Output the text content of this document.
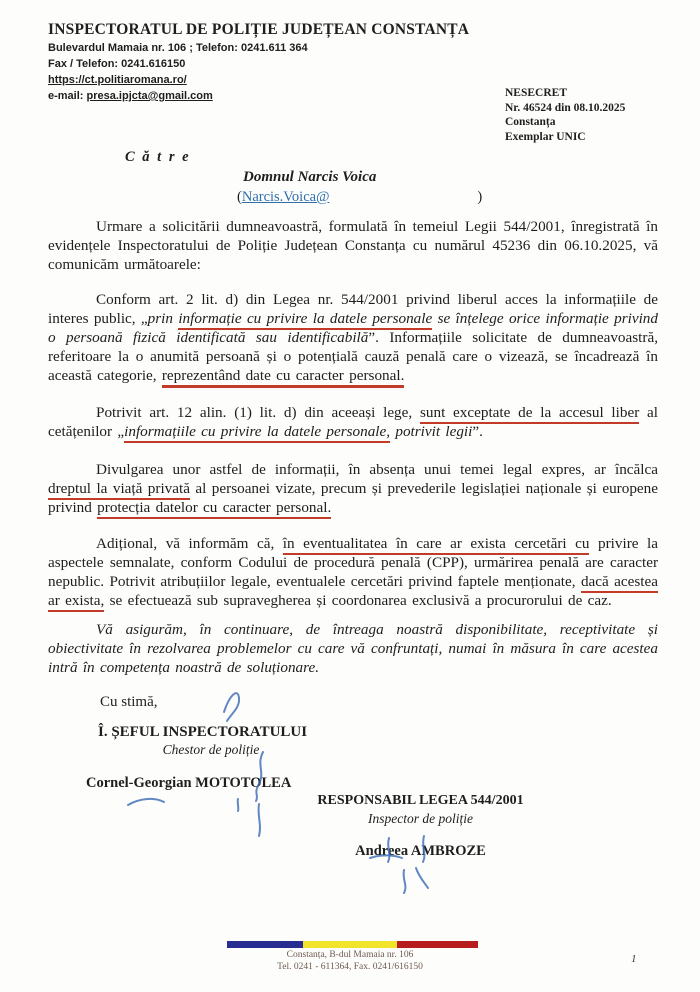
INSPECTORATUL DE POLIȚIE JUDEȚEAN CONSTANȚA
Bulevardul Mamaia nr. 106 ; Telefon: 0241.611 364
Fax / Telefon: 0241.616150
https://ct.politiaromana.ro/
e-mail: presa.ipjcta@gmail.com	NESECRET
Nr. 46524 din 08.10.2025
Constanța
Exemplar UNIC
C ă t r e
Domnul Narcis Voica
(Narcis.Voica@	)

Urmare a solicitării dumneavoastră, formulată în temeiul Legii 544/2001, înregistrată în evidențele Inspectoratului de Poliție Județean Constanța cu numărul 45236 din 06.10.2025, vă comunicăm următoarele:

Conform art. 2 lit. d) din Legea nr. 544/2001 privind liberul acces la informațiile de interes public, „prin informație cu privire la datele personale se înțelege orice informație privind o persoană fizică identificată sau identificabilă”. Informațiile solicitate de dumneavoastră, referitoare la o anumită persoană și o potențială cauză penală care o vizează, se încadrează în această categorie, reprezentând date cu caracter personal.

Potrivit art. 12 alin. (1) lit. d) din aceeași lege, sunt exceptate de la accesul liber al cetățenilor „informațiile cu privire la datele personale, potrivit legii”.

Divulgarea unor astfel de informații, în absența unui temei legal expres, ar încălca dreptul la viață privată al persoanei vizate, precum și prevederile legislației naționale și europene privind protecția datelor cu caracter personal.

Adițional, vă informăm că, în eventualitatea în care ar exista cercetări cu privire la aspectele semnalate, conform Codului de procedură penală (CPP), urmărirea penală are caracter nepublic. Potrivit atribuțiilor legale, eventualele cercetări privind faptele menționate, dacă acestea ar exista, se efectuează sub supravegherea și coordonarea exclusivă a procurorului de caz.

Vă asigurăm, în continuare, de întreaga noastră disponibilitate, receptivitate și obiectivitate în rezolvarea problemelor cu care vă confruntați, numai în măsura în care acestea intră în competența noastră de soluționare.

Cu stimă,
Î. ȘEFUL INSPECTORATULUI
Chestor de poliție
Cornel-Georgian MOTOTOLEA
RESPONSABIL LEGEA 544/2001
Inspector de poliție
Andreea AMBROZE
Constanța, B-dul Mamaia nr. 106
Tel. 0241 - 611364, Fax. 0241/616150
1
